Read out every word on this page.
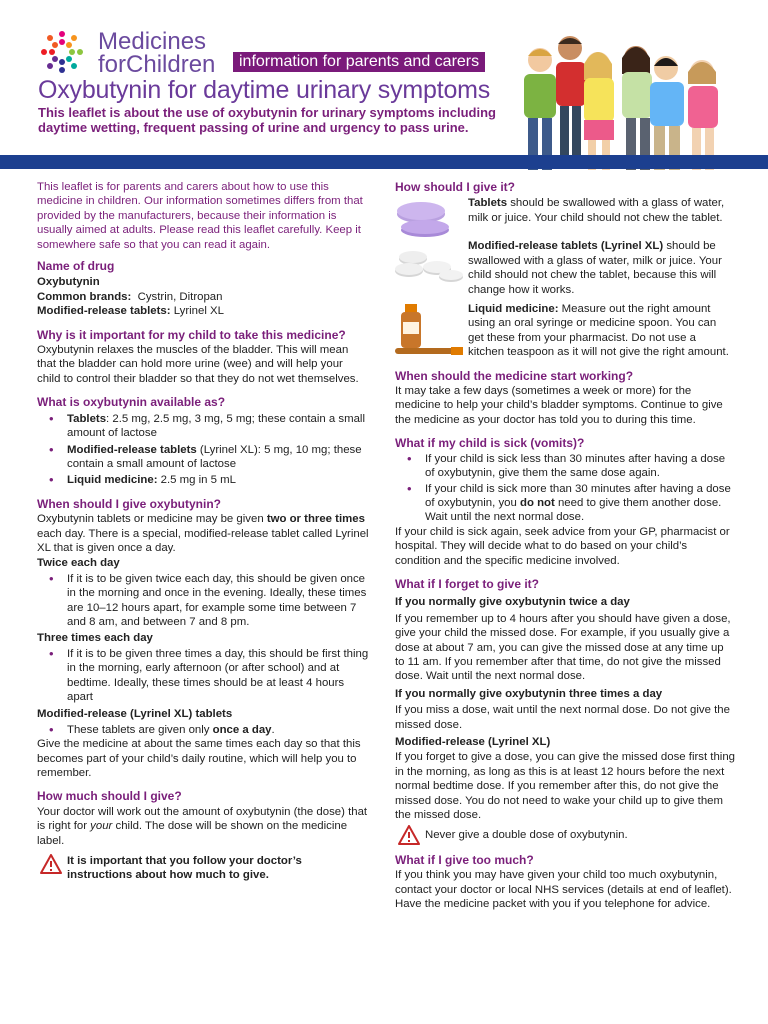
Medicines
forChildren	information for parents and carers
Oxybutynin for daytime urinary symptoms
This leaflet is about the use of oxybutynin for urinary symptoms including daytime wetting, frequent passing of urine and urgency to pass urine.

This leaflet is for parents and carers about how to use this medicine in children. Our information sometimes differs from that provided by the manufacturers, because their information is usually aimed at adults. Please read this leaflet carefully. Keep it somewhere safe so that you can read it again.

Name of drug

Oxybutynin

Common brands: Cystrin, Ditropan

Modified-release tablets: Lyrinel XL

Why is it important for my child to take this medicine?

Oxybutynin relaxes the muscles of the bladder. This will mean that the bladder can hold more urine (wee) and will help your child to control their bladder so that they do not wet themselves.

What is oxybutynin available as?

• Tablets: 2.5 mg, 2.5 mg, 3 mg, 5 mg; these contain a small amount of lactose

• Modified-release tablets (Lyrinel XL): 5 mg, 10 mg; these contain a small amount of lactose

• Liquid medicine: 2.5 mg in 5 mL

When should I give oxybutynin?

Oxybutynin tablets or medicine may be given two or three times each day. There is a special, modified-release tablet called Lyrinel XL that is given once a day.

Twice each day

• If it is to be given twice each day, this should be given once in the morning and once in the evening. Ideally, these times are 10–12 hours apart, for example some time between 7 and 8 am, and between 7 and 8 pm.

Three times each day

• If it is to be given three times a day, this should be first thing in the morning, early afternoon (or after school) and at bedtime. Ideally, these times should be at least 4 hours apart

Modified-release (Lyrinel XL) tablets

• These tablets are given only once a day.

Give the medicine at about the same times each day so that this becomes part of your child’s daily routine, which will help you to remember.

How much should I give?

Your doctor will work out the amount of oxybutynin (the dose) that is right for your child. The dose will be shown on the medicine label.

It is important that you follow your doctor’s instructions about how much to give.

How should I give it?

Tablets should be swallowed with a glass of water, milk or juice. Your child should not chew the tablet.

Modified-release tablets (Lyrinel XL) should be swallowed with a glass of water, milk or juice. Your child should not chew the tablet, because this will change how it works.

Liquid medicine: Measure out the right amount using an oral syringe or medicine spoon. You can get these from your pharmacist. Do not use a kitchen teaspoon as it will not give the right amount.

When should the medicine start working?

It may take a few days (sometimes a week or more) for the medicine to help your child’s bladder symptoms. Continue to give the medicine as your doctor has told you to during this time.

What if my child is sick (vomits)?

• If your child is sick less than 30 minutes after having a dose of oxybutynin, give them the same dose again.

• If your child is sick more than 30 minutes after having a dose of oxybutynin, you do not need to give them another dose. Wait until the next normal dose.

If your child is sick again, seek advice from your GP, pharmacist or hospital. They will decide what to do based on your child’s condition and the specific medicine involved.

What if I forget to give it?

If you normally give oxybutynin twice a day

If you remember up to 4 hours after you should have given a dose, give your child the missed dose. For example, if you usually give a dose at about 7 am, you can give the missed dose at any time up to 11 am. If you remember after that time, do not give the missed dose. Wait until the next normal dose.

If you normally give oxybutynin three times a day

If you miss a dose, wait until the next normal dose. Do not give the missed dose.

Modified-release (Lyrinel XL)

If you forget to give a dose, you can give the missed dose first thing in the morning, as long as this is at least 12 hours before the next normal bedtime dose. If you remember after this, do not give the missed dose. You do not need to wake your child up to give them the missed dose.

Never give a double dose of oxybutynin.

What if I give too much?

If you think you may have given your child too much oxybutynin, contact your doctor or local NHS services (details at end of leaflet). Have the medicine packet with you if you telephone for advice.
